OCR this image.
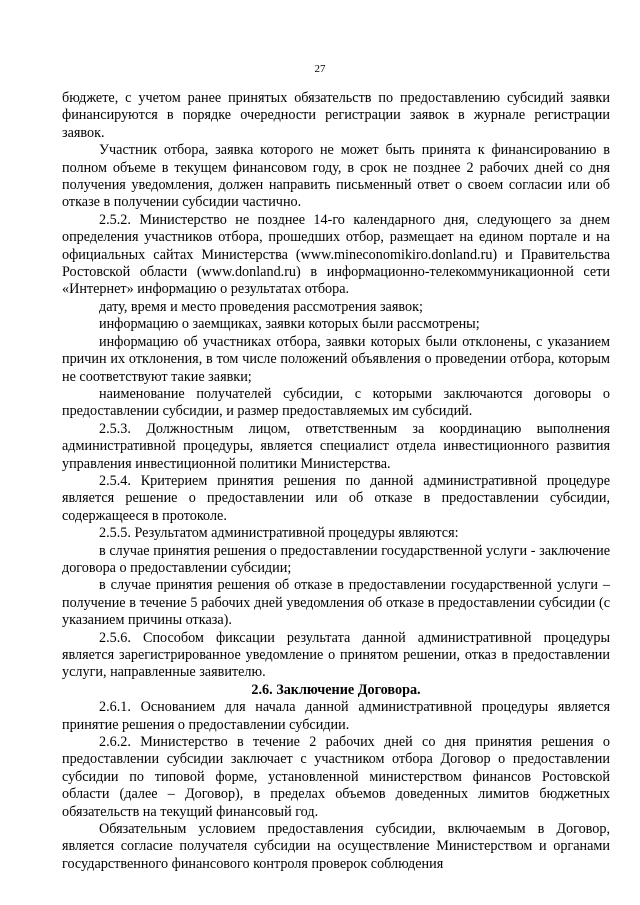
27

бюджете, с учетом ранее принятых обязательств по предоставлению субсидий заявки финансируются в порядке очередности регистрации заявок в журнале регистрации заявок.

Участник отбора, заявка которого не может быть принята к финансированию в полном объеме в текущем финансовом году, в срок не позднее 2 рабочих дней со дня получения уведомления, должен направить письменный ответ о своем согласии или об отказе в получении субсидии частично.

2.5.2. Министерство не позднее 14-го календарного дня, следующего за днем определения участников отбора, прошедших отбор, размещает на едином портале и на официальных сайтах Министерства (www.mineconomikiro.donland.ru) и Правительства Ростовской области (www.donland.ru) в информационно-телекоммуникационной сети «Интернет» информацию о результатах отбора.

дату, время и место проведения рассмотрения заявок;

информацию о заемщиках, заявки которых были рассмотрены;

информацию об участниках отбора, заявки которых были отклонены, с указанием причин их отклонения, в том числе положений объявления о проведении отбора, которым не соответствуют такие заявки;

наименование получателей субсидии, с которыми заключаются договоры о предоставлении субсидии, и размер предоставляемых им субсидий.

2.5.3. Должностным лицом, ответственным за координацию выполнения административной процедуры, является специалист отдела инвестиционного развития управления инвестиционной политики Министерства.

2.5.4. Критерием принятия решения по данной административной процедуре является решение о предоставлении или об отказе в предоставлении субсидии, содержащееся в протоколе.

2.5.5. Результатом административной процедуры являются:

в случае принятия решения о предоставлении государственной услуги - заключение договора о предоставлении субсидии;

в случае принятия решения об отказе в предоставлении государственной услуги – получение в течение 5 рабочих дней уведомления об отказе в предоставлении субсидии (с указанием причины отказа).

2.5.6. Способом фиксации результата данной административной процедуры является зарегистрированное уведомление о принятом решении, отказ в предоставлении услуги, направленные заявителю.

2.6. Заключение Договора.

2.6.1. Основанием для начала данной административной процедуры является принятие решения о предоставлении субсидии.

2.6.2. Министерство в течение 2 рабочих дней со дня принятия решения о предоставлении субсидии заключает с участником отбора Договор о предоставлении субсидии по типовой форме, установленной министерством финансов Ростовской области (далее – Договор), в пределах объемов доведенных лимитов бюджетных обязательств на текущий финансовый год.

Обязательным условием предоставления субсидии, включаемым в Договор, является согласие получателя субсидии на осуществление Министерством и органами государственного финансового контроля проверок соблюдения
